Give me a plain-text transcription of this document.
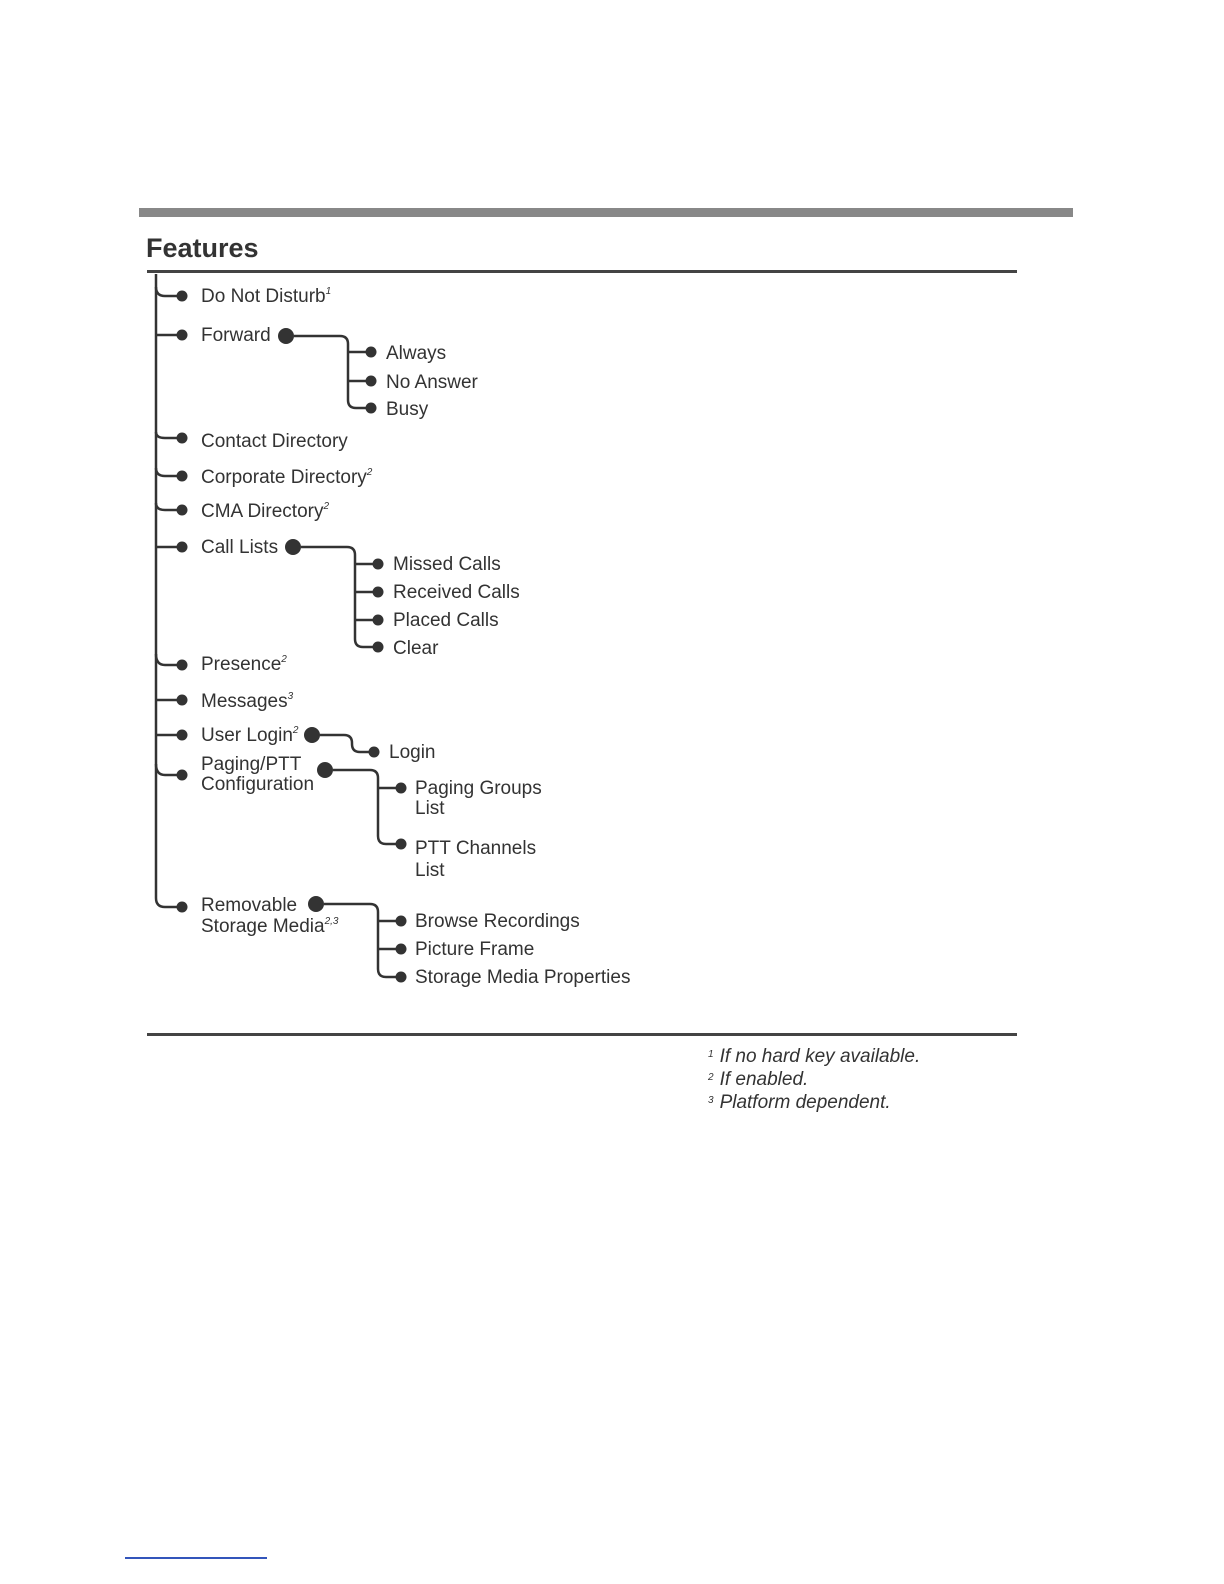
Features
Do Not Disturb$^1$
Forward
Contact Directory
Corporate Directory$^2$
CMA Directory$^2$
Call Lists
Presence$^2$
Messages$^3$
User Login$^2$
Paging/PTT
Configuration
Removable
Storage Media$^{2,3}$
Always
No Answer
Busy
Missed Calls
Received Calls
Placed Calls
Clear
Login
Paging Groups
List
PTT Channels
List
Browse Recordings
Picture Frame
Storage Media Properties
$^1$ If no hard key available.
$^2$ If enabled.
$^3$ Platform dependent.
